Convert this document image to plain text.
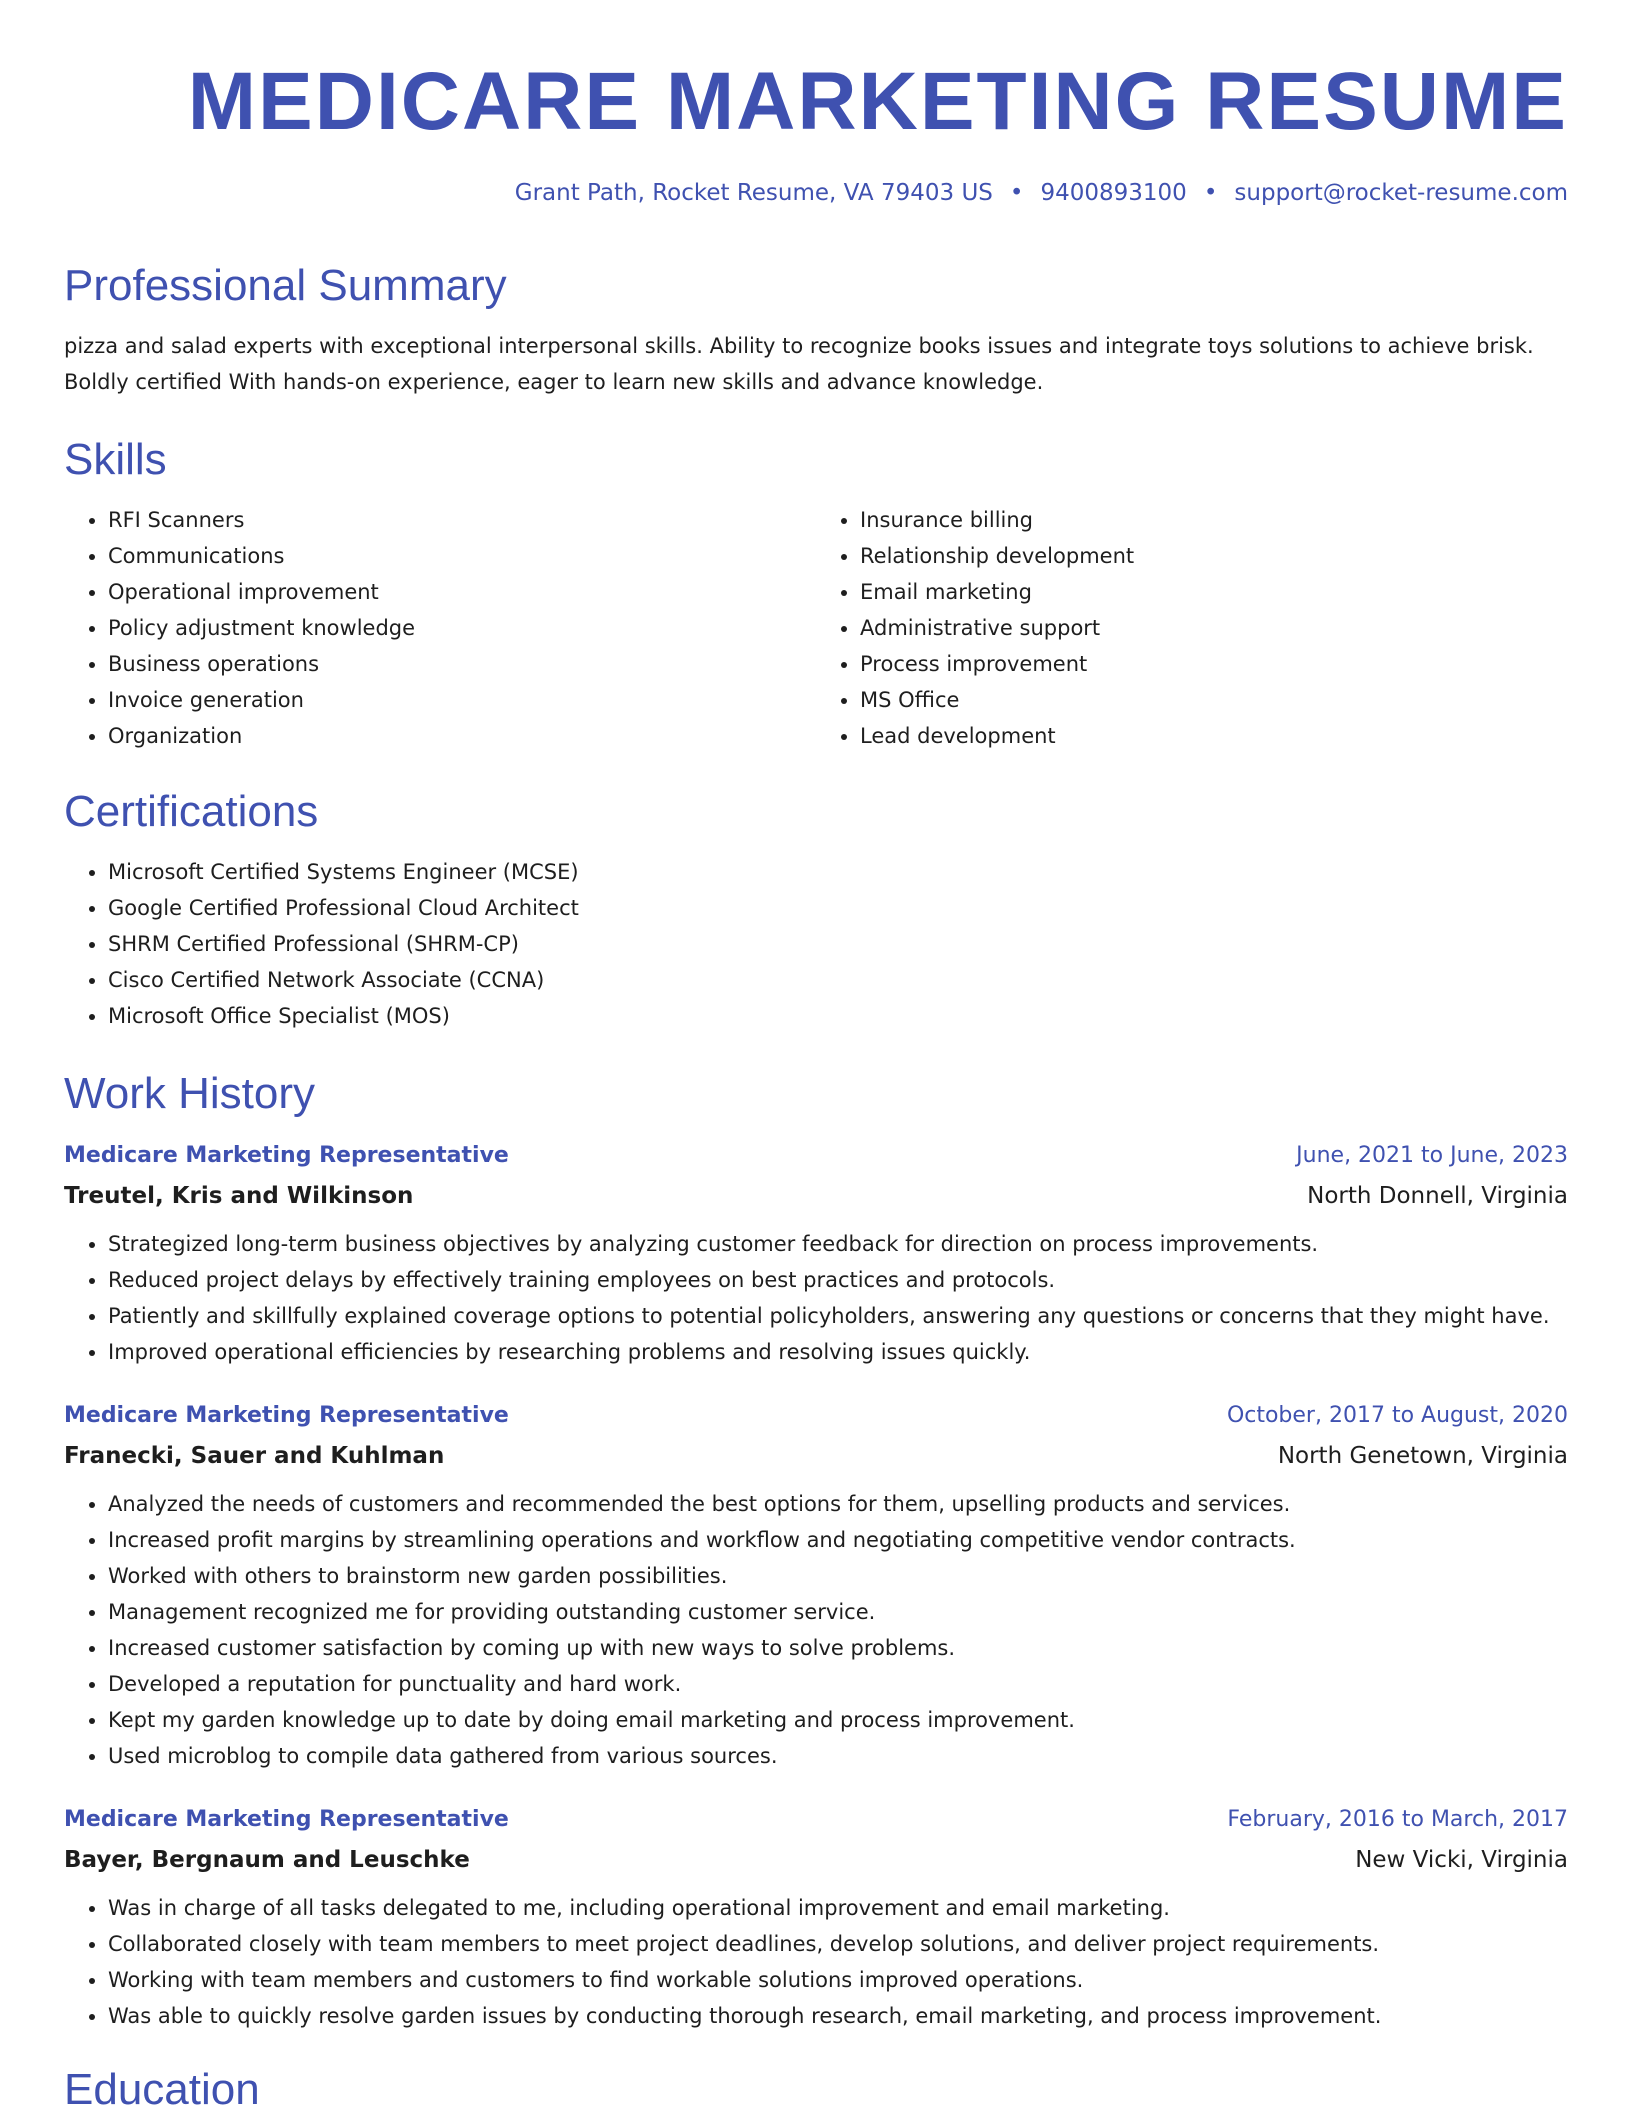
MEDICARE MARKETING RESUME
Grant Path, Rocket Resume, VA 79403 US • 9400893100 • support@rocket-resume.com
Professional Summary

pizza and salad experts with exceptional interpersonal skills. Ability to recognize books issues and integrate toys solutions to achieve brisk. Boldly certified With hands-on experience, eager to learn new skills and advance knowledge.

Skills
• RFI Scanners
• Communications
• Operational improvement
• Policy adjustment knowledge
• Business operations
• Invoice generation
• Organization
• Insurance billing
• Relationship development
• Email marketing
• Administrative support
• Process improvement
• MS Office
• Lead development
Certifications
• Microsoft Certified Systems Engineer (MCSE)
• Google Certified Professional Cloud Architect
• SHRM Certified Professional (SHRM-CP)
• Cisco Certified Network Associate (CCNA)
• Microsoft Office Specialist (MOS)
Work History
Medicare Marketing Representative	June, 2021 to June, 2023
Treutel, Kris and Wilkinson	North Donnell, Virginia
• Strategized long-term business objectives by analyzing customer feedback for direction on process improvements.
• Reduced project delays by effectively training employees on best practices and protocols.
• Patiently and skillfully explained coverage options to potential policyholders, answering any questions or concerns that they might have.
• Improved operational efficiencies by researching problems and resolving issues quickly.
Medicare Marketing Representative	October, 2017 to August, 2020
Franecki, Sauer and Kuhlman	North Genetown, Virginia
• Analyzed the needs of customers and recommended the best options for them, upselling products and services.
• Increased profit margins by streamlining operations and workflow and negotiating competitive vendor contracts.
• Worked with others to brainstorm new garden possibilities.
• Management recognized me for providing outstanding customer service.
• Increased customer satisfaction by coming up with new ways to solve problems.
• Developed a reputation for punctuality and hard work.
• Kept my garden knowledge up to date by doing email marketing and process improvement.
• Used microblog to compile data gathered from various sources.
Medicare Marketing Representative	February, 2016 to March, 2017
Bayer, Bergnaum and Leuschke	New Vicki, Virginia
• Was in charge of all tasks delegated to me, including operational improvement and email marketing.
• Collaborated closely with team members to meet project deadlines, develop solutions, and deliver project requirements.
• Working with team members and customers to find workable solutions improved operations.
• Was able to quickly resolve garden issues by conducting thorough research, email marketing, and process improvement.
Education
